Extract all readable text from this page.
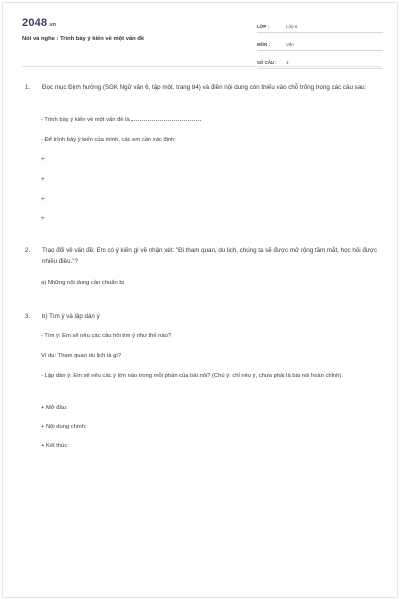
2048.vn
Nói và nghe : Trình bày ý kiến về một vấn đề
LỚP :	Lớp 6
MÔN :	Văn
SỐ CÂU :	3
1. Đọc mục Định hướng (SGK Ngữ văn 6, tập một, trang 84) và điền nội dung còn thiếu vào chỗ trống trong các câu sau:
- Trình bày ý kiến về một vấn đề là
- Để trình bày ý kiến của mình, các em cần xác định:
+
+
+
+
2. Trao đổi về vấn đề: Em có ý kiến gì về nhận xét: "Đi tham quan, du lịch, chúng ta sẽ được mở rộng tầm mắt, học hỏi được nhiều điều."?
a) Những nội dung cần chuẩn bị
3. b) Tìm ý và lập dàn ý
- Tìm ý: Em sẽ nêu các câu hỏi tìm ý như thế nào?
Ví dụ: Tham quan du lịch là gì?
- Lập dàn ý: Em sẽ nêu các ý lớn nào trong mỗi phần của bài nói? (Chú ý: chỉ nêu ý, chưa phải là bài nói hoàn chỉnh).
+ Mở đầu:
+ Nội dung chính:
+ Kết thúc:
